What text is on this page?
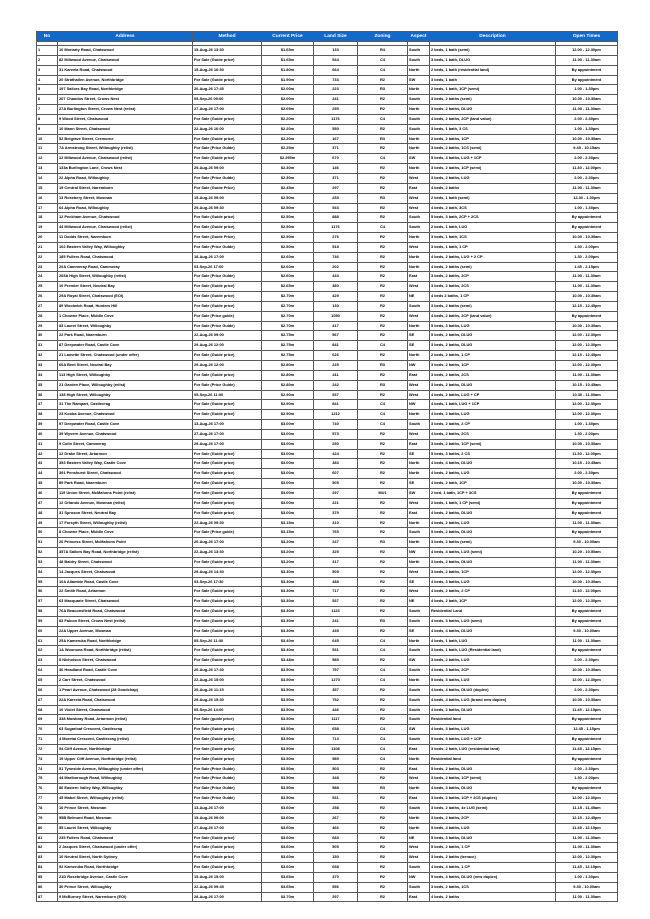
No	Address	Method	Current Price	Land Size	Zoning	Aspect	Description	Open Times

1	10 Moriarty Road, Chatswood	15-Aug-26 13:30	$1.65m	133	R4	South	2 beds, 1 bath (semi)	12.00 - 12.30pm
2	82 Millwood Avenue, Chatswood	For Sale (Guide price)	$1.65m	544	C4	South	3 beds, 1 bath, DLUG	11.00 - 11.30am
3	31 Kareela Road, Chatswood	15-Aug-26 16:30	$1.80m	664	C4	North	2 beds, 1 bath (residential land)	By appointment
4	20 Strathallen Avenue, Northbridge	For Sale (Guide price)	$1.90m	733	R2	SW	3 beds, 1 bath	By appointment
5	197 Sailors Bay Road, Northbridge	20-Aug-26 17:45	$2.00m	223	R3	North	2 beds, 1 bath, 1CP (semi)	1.00 - 1.30pm
6	207 Chandos Street, Crows Nest	05-Sep-26 09:00	$2.00m	241	R2	South	3 beds, 2 baths (semi)	10.00 - 10.30am
7	27A Burlington Street, Crows Nest (relist)	27-Aug-26 17:00	$2.05m	255	R2	North	3 beds, 2 baths, DLUG	11.00 - 11.30am
8	9 Wood Street, Chatswood	For Sale (Guide price)	$2.20m	1176	C4	South	4 beds, 2 baths, 2CP (land value)	2.00 - 2.30pm
9	10 Mann Street, Chatswood	22-Aug-26 16:00	$2.20m	550	R2	South	3 beds, 1 bath, 3 CS	1.00 - 1.30pm
10	52 Belgrave Street, Cremorne	For Sale (Guide price)	$2.20m	167	R3	North	2 beds, 2 baths, 1CP	10.00 - 10.30am
11	7A Armstrong Street, Willoughby (relist)	For Sale (Price Guide)	$2.25m	371	R2	North	3 beds, 2 baths, 1CS (semi)	9.45 - 10.15am
12	12 Millwood Avenue, Chatswood (relist)	For Sale (Guide price)	$2.295m	670	C4	SW	5 beds, 4 baths, LUG + 1CP	2.00 - 2.30pm
13	133a Burlington Lane, Crows Nest	29-Aug-26 09:00	$2.30m	146	R2	North	3 beds, 2 baths, 1CP (semi)	11.30 - 12.00pm
14	22 Alpha Road, Willoughby	For Sale (Price Guide)	$2.30m	371	R2	West	3 beds, 2 baths, LUG	2.00 - 2.30pm
15	19 Central Street, Naremburn	For Sale (Guide Price)	$2.45m	297	R2	East	4 beds, 2 baths	11.00 - 11.30am
16	13 Rosebery Street, Mosman	15-Aug-26 09:00	$2.50m	253	R3	West	2 beds, 1 bath (semi)	12.30 - 1.00pm
17	64 Alpha Road, Willoughby	29-Aug-26 09:30	$2.50m	543	R2	West	4 beds, 2 bath, 3CS	1.00 - 1.30pm
18	12 Peckham Avenue, Chatswood	For Sale (Guide price)	$2.50m	888	R2	South	5 beds, 3 bath, 2CP + 2CS	By appointment
19	44 Millwood Avenue, Chatswood (relist)	For Sale (Guide price)	$2.50m	1176	C4	South	2 beds, 1 bath, LUG	By appointment
20	11 Dodds Street, Naremburn	For Sale (Guide Price)	$2.50m	276	R2	North	3 beds, 1 bath, 1CS	10.00 - 10.30am
21	102 Eastern Valley Way, Willoughby	For Sale (Price Guide)	$2.50m	518	R2	West	3 beds, 1 bath, 1 CP	1.30 - 2.00pm
22	185 Fullers Road, Chatswood	18-Aug-26 17:00	$2.60m	746	R2	North	4 beds, 2 baths, LUG + 2 CP	1.30 - 2.00pm
23	20A Cammeray Road, Cammeray	03-Sep-26 17:00	$2.60m	202	R2	North	4 beds, 2 baths (semi)	1.45 - 2.15pm
24	265A High Street, Willoughby (relist)	For Sale (Price Guide)	$2.60m	433	R2	East	3 beds, 2 baths, 2CP	11.00 - 11.30am
25	10 Premier Street, Neutral Bay	For Sale (Guide price)	$2.65m	380	R2	West	3 beds, 2 baths, 2CS	11.00 - 11.30am
26	29A Royal Street, Chatswood (EOI)	For Sale (Guide price)	$2.70m	429	R2	NE	4 beds 2 baths, 1 CP	10.00 - 10.30am
27	89 Woolwich Road, Hunters Hill	For Sale (Guide price)	$2.70m	130	R2	South	3 beds, 2 baths (semi)	12.15 - 12.45pm
28	1 Chowne Place, Middle Cove	For Sale (Price guide)	$2.70m	1050	R2	West	4 beds, 2 baths, 2CP (land value)	By appointment
29	83 Laurel Street, Willoughby	For Sale (Price Guide)	$2.70m	417	R2	North	5 beds, 3 baths, LUG	10.00 - 10.30am
30	22 Park Road, Naremburn	22-Aug-26 09:00	$2.75m	567	R2	SE	5 beds, 2 baths, DLUG	12.00 - 12.30pm
31	87 Deepwater Road, Castle Cove	29-Aug-26 12:00	$2.75m	841	C4	SE	3 beds, 2 baths, DLUG	12.00 - 12.30pm
32	21 Lamette Street, Chatswood (under offer)	For Sale (Guide price)	$2.75m	626	R2	North	2 beds, 2 baths, 1 CP	12.15 - 12.45pm
33	60A Bent Street, Neutral Bay	29-Aug-26 12:00	$2.80m	225	R3	NW	3 beds, 2 baths, 1CP	12.00 - 12.30pm
34	113 High Street, Willoughby	For Sale (Guide price)	$2.80m	411	R2	East	3 beds, 2 baths, 2CS	11.00 - 11.30am
35	21 Garden Place, Willoughby (relist)	For Sale (Price Guide)	$2.80m	242	R3	West	3 beds, 2 baths, DLUG	10.15 - 10.45am
36	138 High Street, Willoughby	05-Sep-26 11:00	$2.90m	537	R2	West	4 beds, 2 baths, LUG + CP	10.30 - 11.00am
37	31 The Rampart, Castlecrag	For Sale (Guide price)	$2.90m	841	C4	NW	4 beds, 1 bath, LUG + 1CP	12.00 - 12.30pm
38	23 Kooba Avenue, Chatswood	For Sale (Guide price)	$2.90m	1212	C4	North	4 beds, 2 baths, LUG	12.00 - 12.30pm
39	97 Deepwater Road, Castle Cove	13-Aug-26 17:00	$3.00m	740	C4	South	3 beds, 2 baths, 2 CP	1.00 - 1.30pm
40	39 Wyvern Avenue, Chatswood	27-Aug-26 17:00	$3.00m	573	R2	West	4 beds, 2 baths, 2CS	1.30 - 2.00pm
41	9 Colin Street, Cammeray	29-Aug-26 17:00	$3.00m	250	R2	East	3 beds, 2 baths, 1CP (semi)	10.00 - 10.30am
42	12 Drake Street, Artarmon	For Sale (Guide price)	$3.00m	424	R2	SE	5 beds, 3 baths, 2 CS	11.30 - 12.00pm
43	353 Eastern Valley Way, Castle Cove	For Sale (Guide price)	$3.00m	383	R2	North	4 beds, 4 baths, DLUG	10.15 - 10.45am
44	391 Penshurst Street, Chatswood	For Sale (Guide price)	$3.00m	607	R2	North	4 beds, 2 baths, LUG	2.00 - 2.30pm
45	89 Park Road, Naremburn	For Sale (Guide price)	$3.00m	505	R2	SE	4 beds, 2 bath, 1CP	10.00 - 10.30am
46	119 Union Street, McMahons Point (relist)	For Sale (Guide price)	$3.00m	297	MU1	SW	2 bed, 1 bath, 1CP + 3CS	By appointment
47	12 Orlando Avenue, Mosman (relist)	For Sale (Guide price)	$3.00m	221	R2	West	2 beds, 1 bath, 1 CP (semi)	By appointment
48	31 Spruson Street, Neutral Bay	For Sale (Guide price)	$3.00m	379	R2	East	4 beds, 2 baths, DLUG	By appointment
49	17 Forsyth Street, Willoughby (relist)	22-Aug-26 09:30	$3.15m	310	R2	North	4 beds, 2 baths, LUG	11.00 - 11.30am
50	8 Chowne Place, Middle Cove	For Sale (Price guide)	$3.15m	765	R2	South	5 beds, 2 baths, DLUG	By appointment
51	26 Princess Street, McMahons Point	20-Aug-26 17:00	$3.20m	247	R3	North	3 beds, 2 baths (semi)	9.30 - 10.00am
52	357A Sailors Bay Road, Northbridge (relist)	22-Aug-26 13:30	$3.20m	325	R2	NW	4 beds, 4 baths, LUG (semi)	10.20 - 10.50am
53	48 Baldry Street, Chatswood	For Sale (Guide price)	$3.20m	317	R2	North	3 beds, 2 baths, DLUG	11.00 - 11.30am
54	14 Jacques Street, Chatswood	29-Aug-26 14:30	$3.30m	505	R2	West	3 beds, 2 baths, 1CP	12.00 - 12.30pm
55	10A Allambie Road, Castle Cove	03-Sep-26 17:30	$3.30m	488	R2	SE	4 beds, 3 baths, LUG	10.00 - 10.30am
56	22 Smith Road, Artarmon	For Sale (Guide price)	$3.30m	717	R2	West	4 beds, 2 baths, 2 CP	11.30 - 12.00pm
57	63 Macquarie Street, Chatswood	For Sale (Guide price)	$3.30m	537	R2	NE	4 beds, 2 bath, 1CP	12.00 - 12.30pm
58	76A Beaconsfield Road, Chatswood	For Sale (Guide price)	$3.30m	1123	R2	South	Residential Land	By appointment
59	83 Falcon Street, Crows Nest (relist)	For Sale (Guide price)	$3.30m	241	R3	South	4 beds, 3 baths, LUG (semi)	By appointment
60	22A Upper Avenue, Mosman	For Sale (Guide price)	$3.30m	435	R2	SE	4 beds, 4 baths, DLUG	9.30 - 10.00am
61	25A Kameruka Road, Northbridge	05-Sep-26 11:30	$3.40m	645	C4	North	4 beds, 1 bath, LUG	11.00 - 11.30am
62	1A Woonona Road, Northbridge (relist)	For Sale (Guide price)	$3.40m	531	C4	South	3 beds, 1 bath, LUG (Residential land)	By appointment
63	8 Nicholson Street, Chatswood	For Sale (Guide price)	$3.48m	585	R2	SW	3 beds, 2 baths, LUG	2.00 - 2.30pm
64	36 Headland Road, Castle Cove	20-Aug-26 17:30	$3.50m	797	C4	South	4 beds, 3 baths, 2CP	10.00 - 10.30am
65	2 Carr Street, Chatswood	22-Aug-26 15:00	$3.50m	1270	C4	North	5 beds, 3 baths, LUG	12.00 - 12.30pm
66	1 Pearl Avenue, Chatswood (28 Goodchap)	29-Aug-26 11:15	$3.50m	357	R2	South	4 beds, 4 baths, DLUG (duplex)	2.00 - 2.30pm
67	22A Kareela Road, Chatswood	29-Aug-26 15:30	$3.50m	752	R2	South	4 beds, 4 baths, LUG (brand new duplex)	10.00 - 10.30am
68	10 Violet Street, Chatswood	05-Sep-26 14:00	$3.50m	446	R2	South	4 beds, 2 baths, DLUG	11.45 - 12.15pm
69	338 Mowbray Road, Artarmon (relist)	For Sale (guide price)	$3.50m	1117	R2	South	Residential land	By appointment
70	63 Sugarloaf Crescent, Castlecrag	For Sale (Guide price)	$3.50m	658	C4	SW	4 beds, 3 baths, LUG	12.45 - 1.15pm
71	4 Moretai Crescent, Castlecrag (relist)	For Sale (Guide price)	$3.50m	713	C4	South	5 beds, 3 baths, LUG + 1CP	By appointment
72	54 Cliff Avenue, Northbridge	For Sale (Guide price)	$3.50m	1108	C4	East	3 beds, 2 bath, LUG (residential land)	11.45 - 12.15pm
73	19 Upper Cliff Avenue, Northbridge (relist)	For Sale (Guide price)	$3.50m	989	C4	North	Residential land	By appointment
74	51 Tyneside Avenue, Willoughby (under offer)	For Sale (Price Guide)	$3.50m	503	R2	East	5 beds, 2 baths, DLUG	2.00 - 2.30pm
75	44 Marlborough Road, Willoughby	For Sale (Price Guide)	$3.50m	348	R2	West	3 beds, 2 baths, 1CP (semi)	1.30 - 2.00pm
76	86 Eastern Valley Way, Willoughby	For Sale (Price Guide)	$3.50m	588	R3	North	4 beds, 3 baths, DLUG	By appointment
77	45 Mabel Street, Willoughby (relist)	For Sale (Price Guide)	$3.50m	531	R2	East	3 beds, 2 baths, 1CP + 2CS (duplex)	12.00 - 12.30pm
78	10 Prince Street, Mosman	13-Aug-26 17:00	$3.60m	258	R2	South	3 beds, 2 baths, 4x LUG (semi)	11.15 - 11.45am
79	55B Belmont Road, Mosman	15-Aug-26 09:00	$3.60m	267	R2	North	3 beds, 2 baths, 2CP	12.15 - 12.45pm
80	55 Laurel Street, Willoughby	27-Aug-26 17:00	$3.60m	466	R2	North	5 beds, 4 baths, LUG	11.45 - 12.15pm
81	235 Fullers Road, Chatswood	For Sale (Guide price)	$3.60m	683	R2	NE	5 beds, 3 baths, DLUG	11.00 - 11.30am
82	2 Jacques Street, Chatswood (under offer)	For Sale (Guide price)	$3.60m	505	R2	West	5 beds, 2 baths, 1 CP	11.00 - 11.30am
83	10 Neutral Street, North Sydney	For Sale (Guide price)	$3.60m	150	R2	West	3 beds, 2 baths (terrace)	12.00 - 12.30pm
84	92 Kameruka Road, Northbridge	For Sale (Guide price)	$3.60m	658	R2	South	4 beds, 4 baths, 1 CP	11.45 - 12.15pm
85	21D Rosebridge Avenue, Castle Cove	15-Aug-26 15:00	$3.65m	370	R2	NW	5 beds, 4 baths, DLUG (new duplex)	1.00 - 1.30pm
86	30 Prince Street, Willoughby	22-Aug-26 09:45	$3.65m	556	R2	South	3 beds, 2 baths, 1CS	9.30 - 10.00am
87	9 McBurney Street, Naremburn (EOI)	28-Aug-26 17:00	$3.70m	297	R2	East	4 beds, 2 baths	11.00 - 11.30am
